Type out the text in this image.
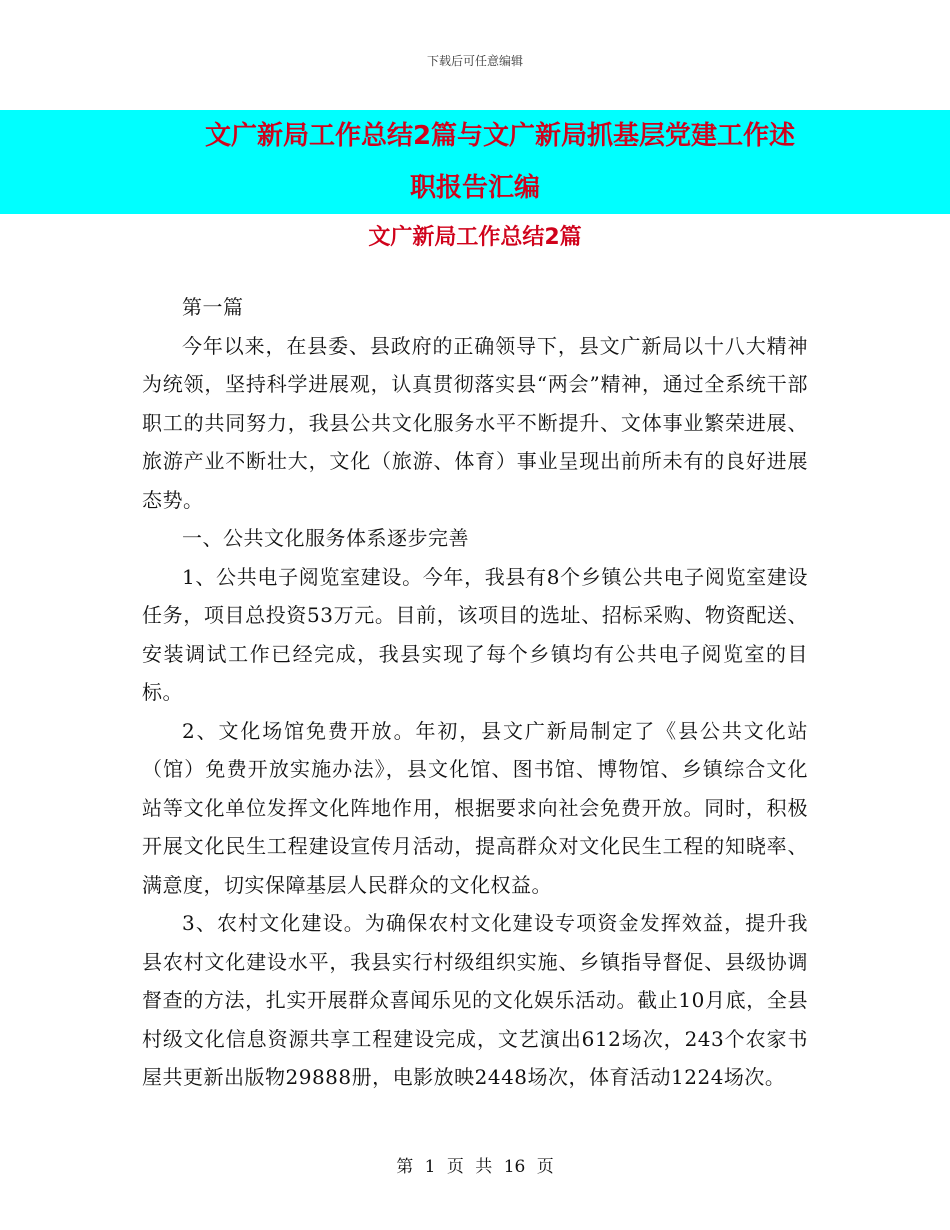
下载后可任意编辑
文广新局工作总结2篇与文广新局抓基层党建工作述
职报告汇编
文广新局工作总结2篇

第一篇

今年以来，在县委、县政府的正确领导下，县文广新局以十八大精神为统领，坚持科学进展观，认真贯彻落实县“两会”精神，通过全系统干部职工的共同努力，我县公共文化服务水平不断提升、文体事业繁荣进展、旅游产业不断壮大，文化（旅游、体育）事业呈现出前所未有的良好进展态势。

一、公共文化服务体系逐步完善

1、公共电子阅览室建设。今年，我县有8个乡镇公共电子阅览室建设任务，项目总投资53万元。目前，该项目的选址、招标采购、物资配送、安装调试工作已经完成，我县实现了每个乡镇均有公共电子阅览室的目标。

2、文化场馆免费开放。年初，县文广新局制定了《县公共文化站（馆）免费开放实施办法》，县文化馆、图书馆、博物馆、乡镇综合文化站等文化单位发挥文化阵地作用，根据要求向社会免费开放。同时，积极开展文化民生工程建设宣传月活动，提高群众对文化民生工程的知晓率、满意度，切实保障基层人民群众的文化权益。

3、农村文化建设。为确保农村文化建设专项资金发挥效益，提升我县农村文化建设水平，我县实行村级组织实施、乡镇指导督促、县级协调督查的方法，扎实开展群众喜闻乐见的文化娱乐活动。截止10月底，全县村级文化信息资源共享工程建设完成，文艺演出612场次，243个农家书屋共更新出版物29888册，电影放映2448场次，体育活动1224场次。

第 1 页 共 16 页
